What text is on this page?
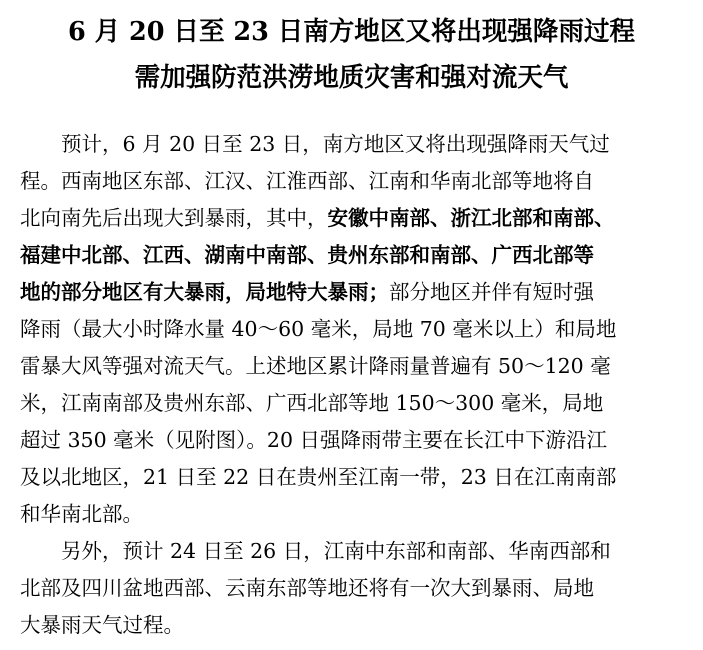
6 月 20 日至 23 日南方地区又将出现强降雨过程
需加强防范洪涝地质灾害和强对流天气
预计，6 月 20 日至 23 日，南方地区又将出现强降雨天气过
程。西南地区东部、江汉、江淮西部、江南和华南北部等地将自
北向南先后出现大到暴雨，其中，安徽中南部、浙江北部和南部、
福建中北部、江西、湖南中南部、贵州东部和南部、广西北部等
地的部分地区有大暴雨，局地特大暴雨；部分地区并伴有短时强
降雨（最大小时降水量 40～60 毫米，局地 70 毫米以上）和局地
雷暴大风等强对流天气。上述地区累计降雨量普遍有 50～120 毫
米，江南南部及贵州东部、广西北部等地 150～300 毫米，局地
超过 350 毫米（见附图）。20 日强降雨带主要在长江中下游沿江
及以北地区，21 日至 22 日在贵州至江南一带，23 日在江南南部
和华南北部。
另外，预计 24 日至 26 日，江南中东部和南部、华南西部和
北部及四川盆地西部、云南东部等地还将有一次大到暴雨、局地
大暴雨天气过程。
